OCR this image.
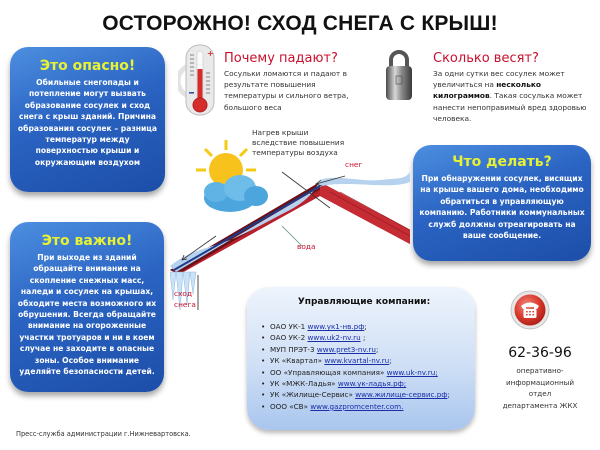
ОСТОРОЖНО! СХОД СНЕГА С КРЫШ!
Это опасно!
Обильные снегопады и потепление могут вызвать образование сосулек и сход снега с крыш зданий. Причина образования сосулек – разница температур между поверхностью крыши и окружающим воздухом
+ Почему падают?
Сосульки ломаются и падают в результате повышения температуры и сильного ветра, большого веса
Сколько весят?
За одни сутки вес сосулек может увеличиться на несколько килограммов. Такая сосулька может нанести непоправимый вред здоровью человека.
Что делать?
При обнаружении сосулек, висящих на крыше вашего дома, необходимо обратиться в управляющую компанию. Работники коммунальных служб должны отреагировать на ваше сообщение.
Нагрев крыши вследствие повышения температуры воздуха
снег
вода
сход снега
Это важно!
При выходе из зданий обращайте внимание на скопление снежных масс, наледи и сосулек на крышах, обходите места возможного их обрушения. Всегда обращайте внимание на огороженные участки тротуаров и ни в коем случае не заходите в опасные зоны. Особое внимание уделяйте безопасности детей.
Управляющие компании:
• ОАО УК-1 www.ук1-нв.рф;
• ОАО УК-2 www.uk2-nv.ru ;
• МУП ПРЭТ-3 www.pret3-nv.ru;
• УК «Квартал» www.kvartal-nv.ru;
• ОО «Управляющая компания» www.uk-nv.ru;
• УК «МЖК-Ладья» www.ук-ладья.рф;
• УК «Жилище-Сервис» www.жилище-сервис.рф;
• ООО «СВ» www.gazpromcenter.com.
62-36-96
оперативно-
информационный
отдел
департамента ЖКХ
Пресс-служба администрации г.Нижневартовска.
